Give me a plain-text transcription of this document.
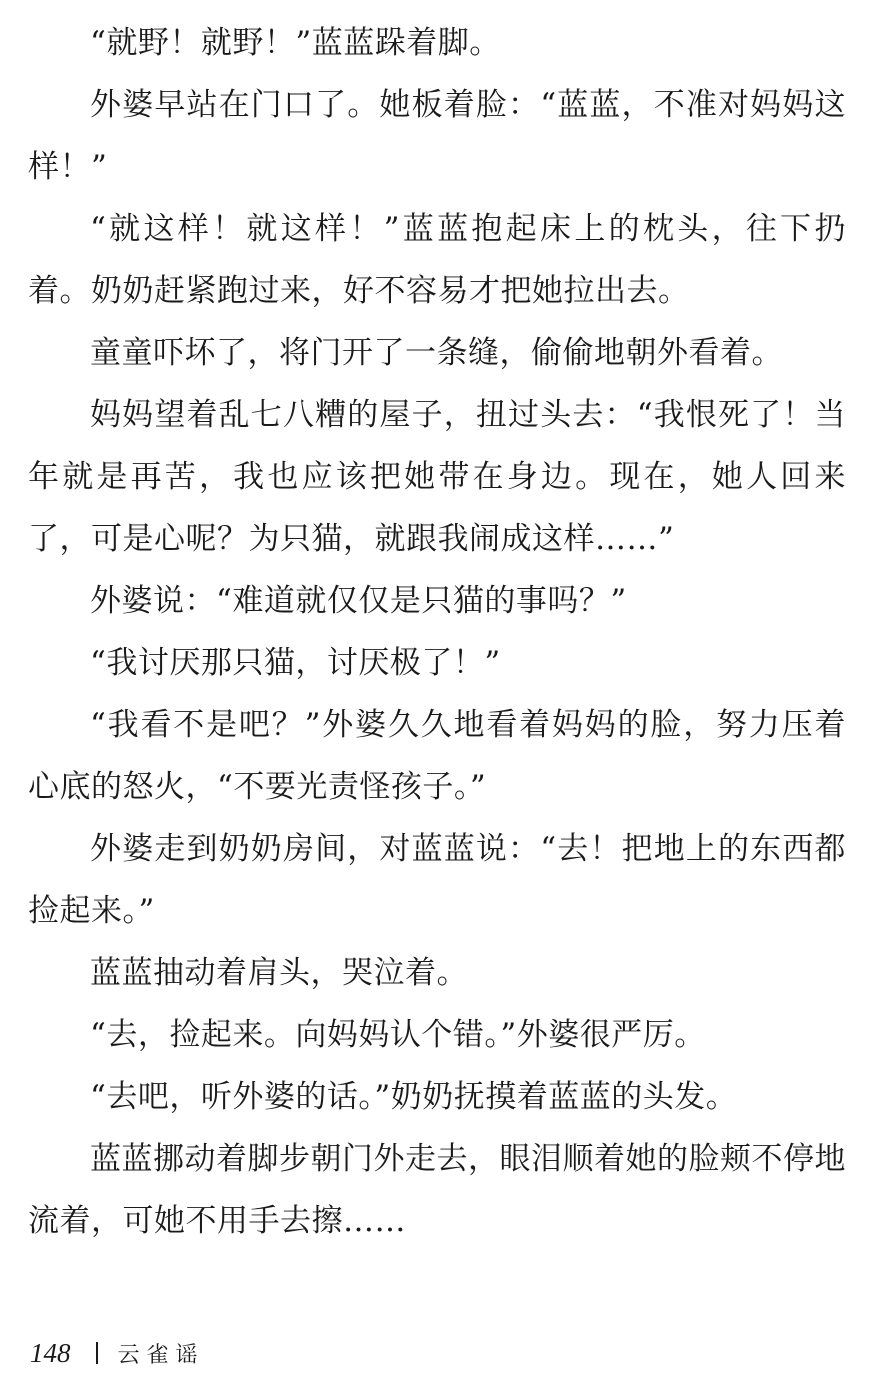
“就野！就野！”蓝蓝跺着脚。

外婆早站在门口了。她板着脸：“蓝蓝，不准对妈妈这样！”

“就这样！就这样！”蓝蓝抱起床上的枕头，往下扔着。奶奶赶紧跑过来，好不容易才把她拉出去。

童童吓坏了，将门开了一条缝，偷偷地朝外看着。

妈妈望着乱七八糟的屋子，扭过头去：“我恨死了！当年就是再苦，我也应该把她带在身边。现在，她人回来了，可是心呢？为只猫，就跟我闹成这样……”

外婆说：“难道就仅仅是只猫的事吗？”

“我讨厌那只猫，讨厌极了！”

“我看不是吧？”外婆久久地看着妈妈的脸，努力压着心底的怒火，“不要光责怪孩子。”

外婆走到奶奶房间，对蓝蓝说：“去！把地上的东西都捡起来。”

蓝蓝抽动着肩头，哭泣着。

“去，捡起来。向妈妈认个错。”外婆很严厉。

“去吧，听外婆的话。”奶奶抚摸着蓝蓝的头发。

蓝蓝挪动着脚步朝门外走去，眼泪顺着她的脸颊不停地流着，可她不用手去擦……

148 云雀谣
